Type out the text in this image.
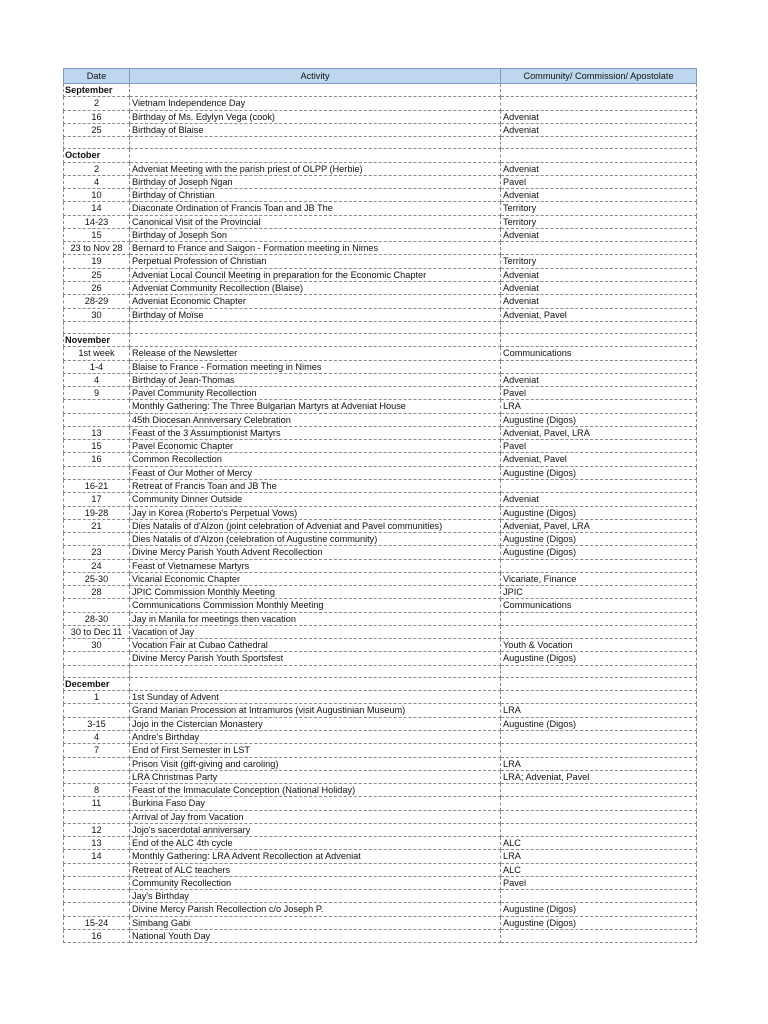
Date	Activity	Community/ Commission/ Apostolate
September		
2	Vietnam Independence Day	
16	Birthday of Ms. Edylyn Vega (cook)	Adveniat
25	Birthday of Blaise	Adveniat

October		
2	Adveniat Meeting with the parish priest of OLPP (Herbie)	Adveniat
4	Birthday of Joseph Ngan	Pavel
10	Birthday of Christian	Adveniat
14	Diaconate Ordination of Francis Toan and JB The	Territory
14-23	Canonical Visit of the Provincial	Territory
15	Birthday of Joseph Son	Adveniat
23 to Nov 28	Bernard to France and Saigon - Formation meeting in Nimes	
19	Perpetual Profession of Christian	Territory
25	Adveniat Local Council Meeting in preparation for the Economic Chapter	Adveniat
26	Adveniat Community Recollection (Blaise)	Adveniat
28-29	Adveniat Economic Chapter	Adveniat
30	Birthday of Moïse	Adveniat, Pavel

November		
1st week	Release of the Newsletter	Communications
1-4	Blaise to France - Formation meeting in Nimes	
4	Birthday of Jean-Thomas	Adveniat
9	Pavel Community Recollection	Pavel
	Monthly Gathering: The Three Bulgarian Martyrs at Adveniat House	LRA
	45th Diocesan Anniversary Celebration	Augustine (Digos)
13	Feast of the 3 Assumptionist Martyrs	Adveniat, Pavel, LRA
15	Pavel Economic Chapter	Pavel
16	Common Recollection	Adveniat, Pavel
	Feast of Our Mother of Mercy	Augustine (Digos)
16-21	Retreat of Francis Toan and JB The	
17	Community Dinner Outside	Adveniat
19-28	Jay in Korea (Roberto's Perpetual Vows)	Augustine (Digos)
21	Dies Natalis of d'Alzon (joint celebration of Adveniat and Pavel communities)	Adveniat, Pavel, LRA
	Dies Natalis of d'Alzon (celebration of Augustine community)	Augustine (Digos)
23	Divine Mercy Parish Youth Advent Recollection	Augustine (Digos)
24	Feast of Vietnamese Martyrs	
25-30	Vicarial Economic Chapter	Vicariate, Finance
28	JPIC Commission Monthly Meeting	JPIC
	Communications Commission Monthly Meeting	Communications
28-30	Jay in Manila for meetings then vacation	
30 to Dec 11	Vacation of Jay	
30	Vocation Fair at Cubao Cathedral	Youth & Vocation
	Divine Mercy Parish Youth Sportsfest	Augustine (Digos)

December		
1	1st Sunday of Advent	
	Grand Marian Procession at Intramuros (visit Augustinian Museum)	LRA
3-15	Jojo in the Cistercian Monastery	Augustine (Digos)
4	Andre's Birthday	
7	End of First Semester in LST	
	Prison Visit (gift-giving and caroling)	LRA
	LRA Christmas Party	LRA; Adveniat, Pavel
8	Feast of the Immaculate Conception (National Holiday)	
11	Burkina Faso Day	
	Arrival of Jay from Vacation	
12	Jojo's sacerdotal anniversary	
13	End of the ALC 4th cycle	ALC
14	Monthly Gathering: LRA Advent Recollection at Adveniat	LRA
	Retreat of ALC teachers	ALC
	Community Recollection	Pavel
	Jay's Birthday	
	Divine Mercy Parish Recollection c/o Joseph P.	Augustine (Digos)
15-24	Simbang Gabi	Augustine (Digos)
16	National Youth Day	
